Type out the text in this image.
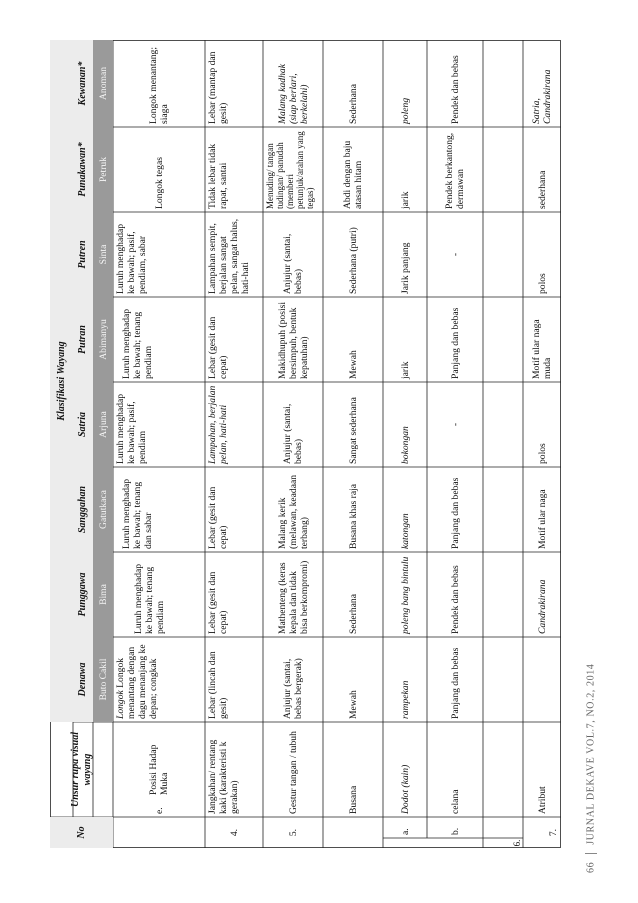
No
Unsur rupa visual wayang
Klasifikasi Wayang
Denawa
Punggawa
Sanggahan
Satria
Putran
Putren
Punakawan*
Kewanan*
Buto Cakil
Bima
Gatutkaca
Arjuna
Abimanyu
Sinta
Petruk
Anoman
e.
Posisi Hadap Muka
Longok Longok menantang dengan dagu menanjang ke depan; congkak
Luruh menghadap ke bawah; tenang pendiam
Luruh menghadap ke bawah; tenang dan sabar
Luruh menghadap ke bawah; pasif, pendiam
Luruh menghadap ke bawah; tenang pendiam
Luruh menghadap ke bawah; pasif, pendiam, sabar
Longok tegas
Longok menantang; siaga
4.
Jangkahan/ rentang kaki (karakteristi k gerakan)
Lebar (lincah dan gesit)
Lebar (gesit dan cepat)
Lebar (gesit dan cepat)
Lampahan, berjalan pelan, hati-hati
Lebar (gesit dan cepat)
Lampahan sempit, berjalan sangat pelan, sangat halus, hati-hati
Tidak lebar tidak rapat, santai
Lebar (mantap dan gesit)
5.
Gestur tangan / tubuh
Anjujur (santai, bebas bergerak)
Mathenteng (keras kepala dan tidak bisa berkompromi)
Malang kerik (melawan, keadaan terbang)
Anjujur (santai, bebas)
Makidhupuh (posisi bersimpuh, bentuk kepatuhan)
Anjujur (santai, bebas)
Menuding/ tangan tudingan/ panudah (memberi petunjuk/arahan yang tegas)
Malang kadhak (siap berlari, berkelahi)
Busana
Mewah
Sederhana
Busana khas raja
Sangat sederhana
Mewah
Sederhana (putri)
Abdi dengan baju atasan hitam
Sederhana
6.
a.
Dodot (kain)
rampekan
poleng bang bintulu
katongan
bokongan
jarik
Jarik panjang
jarik
poleng
b.
celana
Panjang dan bebas
Pendek dan bebas
Panjang dan bebas
-
Panjang dan bebas
-
Pendek berkantong, dermawan
Pendek dan bebas
7.
Atribut
Candrakirana
Motif ular naga
polos
Motif ular naga muda
polos
sederhana
Satria, Candrakirana
66JURNAL DEKAVE VOL.7, NO.2, 2014
